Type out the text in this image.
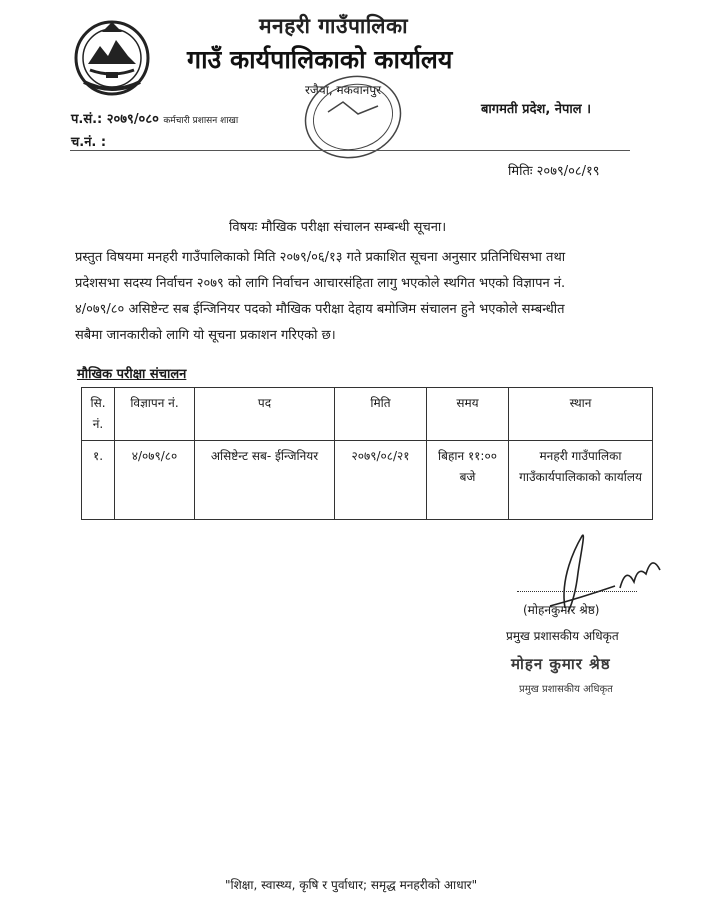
मनहरी गाउँपालिका
गाउँ कार्यपालिकाको कार्यालय
रजैया, मकवानपुर
प.सं.: २०७९/०८० कर्मचारी प्रशासन शाखा
च.नं. :
बागमती प्रदेश, नेपाल ।
मितिः २०७९/०८/१९
विषयः मौखिक परीक्षा संचालन सम्बन्धी सूचना।
प्रस्तुत विषयमा मनहरी गाउँपालिकाको मिति २०७९/०६/१३ गते प्रकाशित सूचना अनुसार प्रतिनिधिसभा तथा
प्रदेशसभा सदस्य निर्वाचन २०७९ को लागि निर्वाचन आचारसंहिता लागु भएकोले स्थगित भएको विज्ञापन नं.
४/०७९/८० असिष्टेन्ट सब ईन्जिनियर पदको मौखिक परीक्षा देहाय बमोजिम संचालन हुने भएकोले सम्बन्धीत
सबैमा जानकारीको लागि यो सूचना प्रकाशन गरिएको छ।
मौखिक परीक्षा संचालन
सि. नं.	विज्ञापन नं.	पद	मिति	समय	स्थान
१.	४/०७९/८०	असिष्टेन्ट सब- ईन्जिनियर	२०७९/०८/२१	बिहान ११:०० बजे	मनहरी गाउँपालिका गाउँकार्यपालिकाको कार्यालय
(मोहनकुमार श्रेष्ठ)
प्रमुख प्रशासकीय अधिकृत
मोहन कुमार श्रेष्ठ
प्रमुख प्रशासकीय अधिकृत
"शिक्षा, स्वास्थ्य, कृषि र पुर्वाधार; समृद्ध मनहरीको आधार"
